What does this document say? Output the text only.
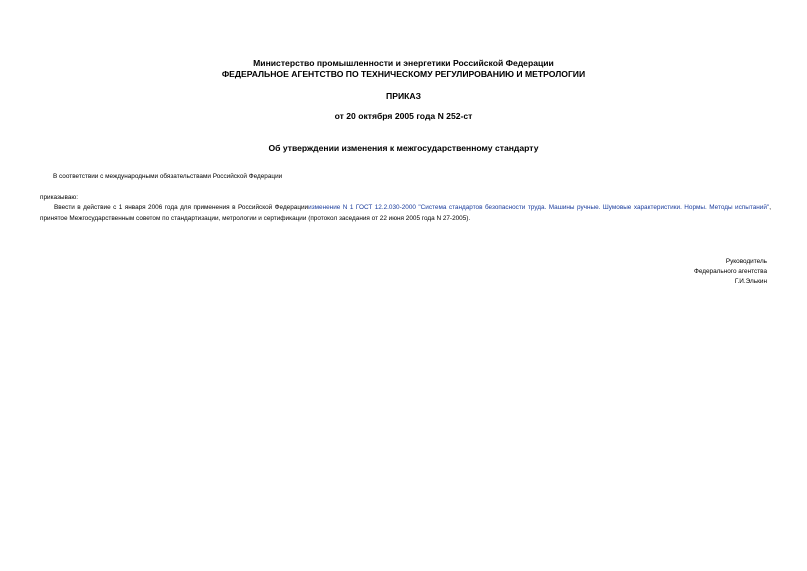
Министерство промышленности и энергетики Российской Федерации
ФЕДЕРАЛЬНОЕ АГЕНТСТВО ПО ТЕХНИЧЕСКОМУ РЕГУЛИРОВАНИЮ И МЕТРОЛОГИИ
ПРИКАЗ
от 20 октября 2005 года N 252-ст
Об утверждении изменения к межгосударственному стандарту
В соответствии с международными обязательствами Российской Федерации
приказываю:
Ввести в действие с 1 января 2006 года для применения в Российской Федерацииизменение N 1 ГОСТ 12.2.030-2000 "Система стандартов безопасности труда. Машины ручные. Шумовые характеристики. Нормы. Методы испытаний", принятое Межгосударственным советом по стандартизации, метрологии и сертификации (протокол заседания от 22 июня 2005 года N 27-2005).
Руководитель
Федерального агентства
Г.И.Элькин
